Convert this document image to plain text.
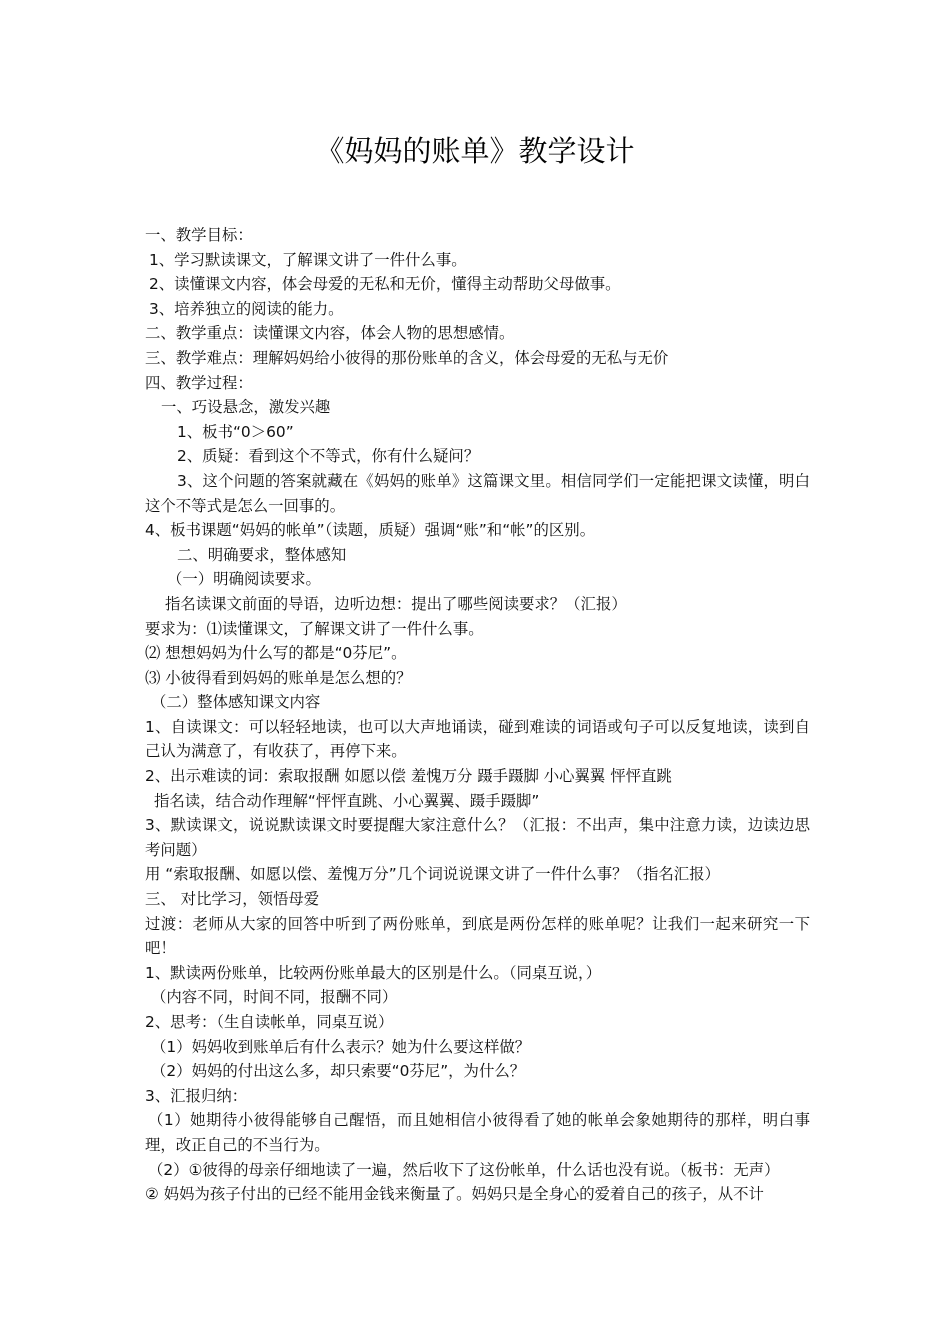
《妈妈的账单》教学设计

一、教学目标：

1、学习默读课文，了解课文讲了一件什么事。

2、读懂课文内容，体会母爱的无私和无价，懂得主动帮助父母做事。

3、培养独立的阅读的能力。

二、教学重点：读懂课文内容，体会人物的思想感情。

三、教学难点：理解妈妈给小彼得的那份账单的含义，体会母爱的无私与无价

四、教学过程：

一、巧设悬念，激发兴趣

1、板书“0＞60”

2、质疑：看到这个不等式，你有什么疑问？

3、这个问题的答案就藏在《妈妈的账单》这篇课文里。相信同学们一定能把课文读懂，明白这个不等式是怎么一回事的。

4、板书课题“妈妈的帐单”（读题，质疑）强调“账”和“帐”的区别。

二、明确要求，整体感知

（一）明确阅读要求。

指名读课文前面的导语，边听边想：提出了哪些阅读要求？（汇报）

要求为：⑴读懂课文，了解课文讲了一件什么事。

⑵ 想想妈妈为什么写的都是“0芬尼”。

⑶ 小彼得看到妈妈的账单是怎么想的？

（二）整体感知课文内容

1、自读课文：可以轻轻地读，也可以大声地诵读，碰到难读的词语或句子可以反复地读，读到自己认为满意了，有收获了，再停下来。

2、出示难读的词：索取报酬 如愿以偿 羞愧万分 蹑手蹑脚 小心翼翼 怦怦直跳

指名读，结合动作理解“怦怦直跳、小心翼翼、蹑手蹑脚”

3、默读课文，说说默读课文时要提醒大家注意什么？（汇报：不出声，集中注意力读，边读边思考问题）

用 “索取报酬、如愿以偿、羞愧万分”几个词说说课文讲了一件什么事？（指名汇报）

三、 对比学习，领悟母爱

过渡：老师从大家的回答中听到了两份账单，到底是两份怎样的账单呢？让我们一起来研究一下吧！

1、默读两份账单，比较两份账单最大的区别是什么。（同桌互说，）

（内容不同，时间不同，报酬不同）

2、思考：（生自读帐单，同桌互说）

（1）妈妈收到账单后有什么表示？她为什么要这样做？

（2）妈妈的付出这么多，却只索要“0芬尼”，为什么？

3、汇报归纳：

（1）她期待小彼得能够自己醒悟，而且她相信小彼得看了她的帐单会象她期待的那样，明白事理，改正自己的不当行为。

（2）①彼得的母亲仔细地读了一遍，然后收下了这份帐单，什么话也没有说。（板书：无声）

② 妈妈为孩子付出的已经不能用金钱来衡量了。妈妈只是全身心的爱着自己的孩子，从不计
